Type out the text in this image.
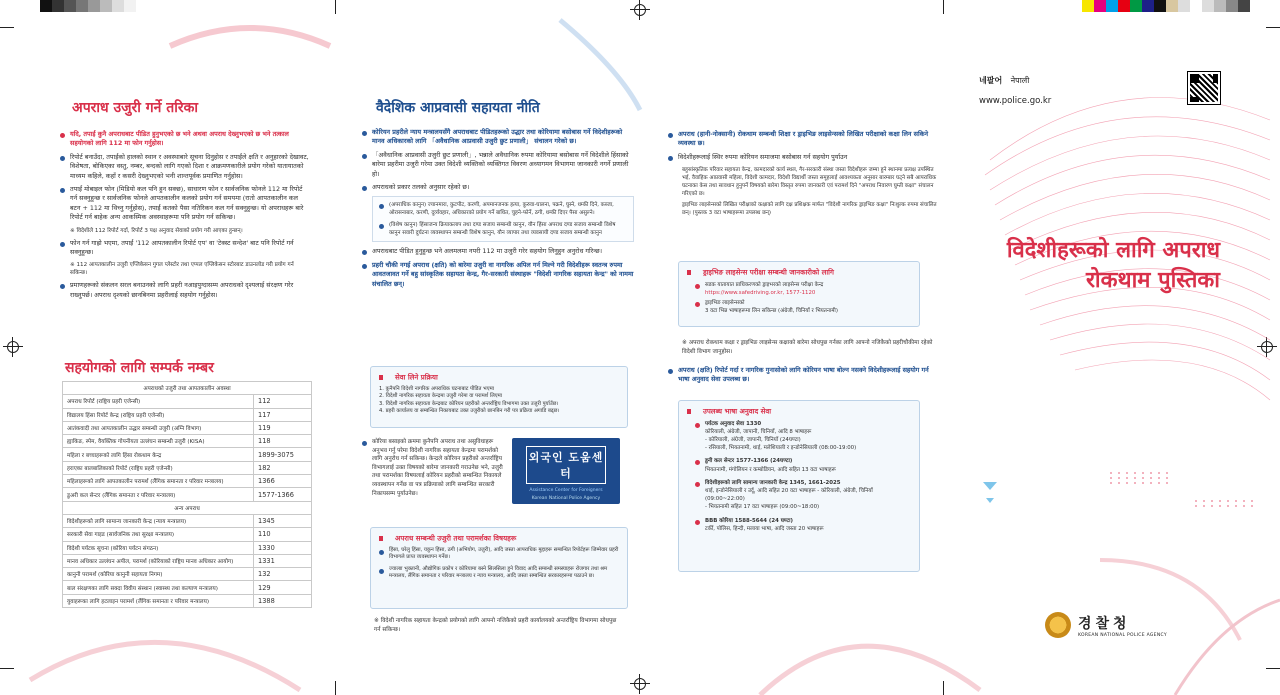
अपराध उजुरी गर्ने तरिका
यदि, तपाईं कुनै अपराधबाट पीडित हुनुभएको छ भने अथवा अपराध देख्नुभएको छ भने तत्काल सहयोगको लागि 112 मा फोन गर्नुहोस।
रिपोर्ट बनाउँदा, तपाईंको हालको स्थान र अवस्थाबारे सूचना दिनुहोस र तपाईंले क्षति र अनुहारको देखावट, विशेषता, बोकिएका वस्तु, नम्बर, बन्दको लागि गएको दिशा र आक्रमणकारीले प्रयोग गरेको यातायातको माध्यम कहिले, कहाँ र कसरी देख्नुभएको भनी शान्तपूर्वक प्रमाणित गर्नुहोस।
तपाईं मोबाइल फोन (मिडियो कल पनि हुन सक्छ), साधारण फोन र सार्वजनिक फोनले 112 मा रिपोर्ट गर्न सक्नुहुन्छ र सार्वजनिक फोनले आपतकालीन कलको प्रयोग गर्न समयमा (रातो आपतकालीन कल बटन + 112 मा थिच्नु गर्नुहोस), तपाईं कतको पैसा नतिरिकन कल गर्न सक्नुहुन्छ। यो अपराधहरू बारे रिपोर्ट गर्न बाहेक अन्य आकस्मिक अवस्थाहरूमा पनि प्रयोग गर्न सकिन्छ।
※ विदेशीले 112 रिपोर्ट गर्दा, रिपोर्ट 3 पक्ष अनुवाद सेवाको प्रयोग गरी आएका हुन्छन्।
फोन गर्न गाह्रो भएमा, तपाईं '112 आपतकालीन रिपोर्ट एप' वा 'टेक्स्ट सन्देश' बाट पनि रिपोर्ट गर्न सक्नुहुन्छ।
※ 112 आपतकालीन उजुरी एप्लिकेसन गुगल प्लेस्टोर तथा एप्पल एप्लिकेसन स्टोरबाट डाउनलोड गरी प्रयोग गर्न सकिन्छ।
प्रमाणहरूको संकलन सरल बनाउनको लागि प्रहरी नआइपुग्दासम्म अपराधको दृश्यलाई संरक्षण गरेर राख्नुपर्छ। अपराध दृश्यको छानबिनमा प्रहरीलाई सहयोग गर्नुहोस।
सहयोगको लागि सम्पर्क नम्बर
अपराधको उजुरी तथा आपतकालीन अवस्था	
अपराध रिपोर्ट (राष्ट्रिय प्रहरी एजेन्सी)	112
विद्यालय हिंसा रिपोर्ट केन्द्र (राष्ट्रिय प्रहरी एजेन्सी)	117
आतंकवादी तथा आपतकालीन उद्धार सम्बन्धी उजुरी (अग्नि विभाग)	119
ह्याकिङ, स्पेम, वैयक्तिक गोपनीयता उल्लंघन सम्बन्धी उजुरी (KISA)	118
महिला र बच्चाहरूको लागि हिंसा रोकथाम केन्द्र	1899-3075
हराएका बालबालिकाको रिपोर्ट (राष्ट्रिय प्रहरी एजेन्सी)	182
महिलाहरूको लागि आपतकालीन परामर्श (लैंगिक समानता र परिवार मन्त्रालय)	1366
डुअरी कल सेन्टर (लैंगिक समानता र परिवार मन्त्रालय)	1577-1366
अन्य अपराध	
विदेशीहरूको लागि सामान्य जानकारी केन्द्र (न्याय मन्त्रालय)	1345
सरकारी सेवा गाइड (सार्वजनिक तथा सुरक्षा मन्त्रालय)	110
विदेशी पर्यटक सूचना (कोरिया पर्यटन संगठन)	1330
मानव अधिकार उल्लंघन अपील, परामर्श (कोरियाको राष्ट्रिय मानव अधिकार आयोग)	1331
कानुनी परामर्श (कोरिया कानुनी सहायता निगम)	132
बाल संरक्षणका लागि सक्दा विवीय संस्थान (स्वास्थ्य तथा कल्याण मन्त्रालय)	129
युवाहरूका लागि हटलाइन परामर्श (लैंगिक समानता र परिवार मन्त्रालय)	1388
वैदेशिक आप्रवासी सहायता नीति
कोरियन प्रहरीले न्याय मन्त्रालयसँगै अपराधबाट पीडितहरूको उद्धार तथा कोरियामा बसोबास गर्ने विदेशीहरूको मानव अधिकारको लागि 「अवैधानिक आप्रवासी उजुरी छुट प्रणाली」 संचालन गरेको छ।
「अवैधानिक आप्रवासी उजुरी छुट प्रणाली」, भन्नाले अवैधानिक रुपमा कोरियामा बसोबास गर्ने विदेशीले हिंसाको बारेमा प्रहरीमा उजुरी गरेमा उक्त विदेशी व्यक्तिको व्यक्तिगत विवरण अध्यागमन विभागमा जानकारी नगर्ने प्रणाली हो।
अपराधको प्रकार तलको अनुसार रहेको छ।
(अपराधिक कानुन) ज्यानमारा, कुटपीट, करणी, अपमानजनक हत्या, कुरुवा-घालना, पक्रने, घुस्ने, धम्की दिने, कब्जा, ओरासनाबार, करणी, दुर्व्यवहार, अधिकारको प्रयोग गर्ने बाधित, चुहने-फोर्ने, ठगी, धम्की दिएर पैसा असुल्ने।
(विशेष कानुन) हिंसाजन्य क्रियाकलाप तथा दण्ड सजाय सम्बन्धी कानुन, यौन हिंसा अपराध दण्ड सजाय सम्बन्धी विशेष कानुन सवारी दुर्घटना व्यवस्थापन सम्बन्धी विशेष कानुन, यौन व्यापार तथा व्यवसायी दण्ड सजाय सम्बन्धी कानुन
अपराधबाट पीडित हुनुहुन्छ भने अलमलमा नपरी 112 मा उजुरी गरेर सहयोग लिनुहुन अनुरोध गरिन्छ।
प्रहरी चौकी नगई अपराध (क्षति) को बारेमा उजुरी वा नागरिक अपिल गर्न मिल्ने गरी विदेशीहरू स्वतन्त्र रुपमा आवतजावत गर्ने बहु सांस्कृतिक सहायता केन्द्र, गैर-सरकारी संस्थाहरू "विदेशी नागरिक सहायता केन्द्र" को नाममा संचालित छन्।
सेवा लिने प्रक्रिया
1. कुनैपनि विदेशी नागरिक अपराधिक घटनाबाट पीडित भएमा
2. विदेशी नागरिक सहायता केन्द्रमा उजुरी गरेमा वा परामर्श लिएमा
3. विदेशी नागरिक सहायता केन्द्रबाट कोरियन प्रहरीको अन्तर्राष्ट्रिय विभागमा उक्त उजुरी पुर्याउँछ।
4. प्रहरी कार्यालय वा सम्बन्धित निकायबाट उक्त उजुरीको छानबिन गरी पत्र प्रक्रिया अगाडि बढ्छ।
कोरिया बसाइको क्रममा कुनैपनि अपराध तथा असुविधाहरू अनुभव गर्नु परेमा विदेशी नागरिक सहायता केन्द्रमा परामर्शको लागि अनुरोध गर्न सकिन्छ। केन्द्रले कोरियन प्रहरीको अन्तर्राष्ट्रिय विभागलाई उक्त विषयको बारेमा जानकारी गराउनेछ भने, उजुरी तथा परामर्शका विषयलाई कोरियन प्रहरीको सम्बन्धित निकायले व्यवस्थापन गर्नेछ वा पत्र प्रक्रियाको लागि सम्बन्धित सरकारी निकायसम्म पुर्याउनेछ।
외국인 도움센터
Assistance Center for Foreigners
Korean National Police Agency
अपराध सम्बन्धी उजुरी तथा परामर्शका विषयहरू
हिंसा, घरेलु हिंसा, यकुन हिंसा, ठगी (अभियोग, उजुरी), आदि जस्ता आपराधिक मुद्दाहरू सम्बन्धित रिपोर्टहरू जिम्मेवार प्रहरी विभागले प्राप्त व्यवस्थापन गर्नेछ।
ज्यालाा भुक्तानी, औद्योगिक प्रकोप र कोरियामा बस्ने सिलसिला हुने विवाद आदि सम्बन्धी समस्याहरू रोजगार तथा श्रम मन्त्रालय, लैंगिक समानता र परिवार मन्त्रालय र न्याय मन्त्रालय, आदि जस्ता सम्बन्धित सरकारहरूमा पठाउने छ।
※ विदेशी नागरिक सहायता केन्द्रको प्रयोगको लागि आफ्नो नजिकैको प्रहरी कार्यालयको अन्तर्राष्ट्रिय विभागमा सोधपुछ गर्न सकिन्छ।
अपराध (हानी-नोक्सानी) रोकथाम सम्बन्धी शिक्षा र ड्राइभिङ लाइसेन्सको लिखित परीक्षाको कक्षा लिन सकिने व्यवस्था छ।
विदेशीहरूलाई स्थिर रुपमा कोरियन समाजमा बसोबास गर्न सहयोग पुर्याउन
बहुसांस्कृतिक परिवार सहायता केन्द्र, कामदारको कार्य स्थल, गैर-सरकारी संस्था जस्ता विदेशीहरू जम्मा हुने स्थानमा प्रत्यक्ष उपस्थित भई, वैवाहिक आप्रवासी महिला, विदेशी कामदार, विदेशी विद्यार्थी जस्ता समूहलाई आवश्यकता अनुसार बारम्बार घट्ने सबै आपराधिक घटनाका केस तथा सावधान हुनुपर्ने विषयको बारेमा विस्तृत रुपमा जानकारी एवं परामर्श दिने "अपराध निवारण घुम्ती कक्षा" संचालन गरिएको छ।
ड्राइभिङ लाइसेन्सको लिखित परीक्षाको कक्षाको लागि दक्ष प्रशिक्षक मार्फत "विदेशी नागरिक ड्राइभिङ कक्षा" निःशुल्क रुपमा संचालित छन्। (पुस्तक 3 वटा भाषाहरूमा उपलब्ध छन्)
ड्राइभिङ लाइसेन्स परीक्षा सम्बन्धी जानकारीको लागि
सडक यातायात प्राधिकरणको ड्राइभरको लाइसेन्स परीक्षा केन्द्र
https://www.safedriving.or.kr, 1577-1120
ड्राइभिङ लाइसेन्सको
3 वटा भिन्न भाषाहरूमा लिन सकिन्छ (अंग्रेजी, चिनियाँ र भियतनामी)
※ अपराध रोकथाम कक्षा र ड्राइभिङ लाइसेन्स कक्षाको बारेमा सोधपुछ गर्नका लागि आफ्नो नजिकैको प्रहरीचौकीमा रहेको विदेशी विभाग जानुहोस।
अपराध (क्षति) रिपोर्ट गर्दा र नागरिक गुनासोको लागि कोरियन भाषा बोल्न नसक्ने विदेशीहरूलाई सहयोग गर्न भाषा अनुवाद सेवा उपलब्ध छ।
उपलब्ध भाषा अनुवाद सेवा
पर्यटक अनुवाद सेवा 1330
कोरियाली, अंग्रेजी, जापानी, चिनियाँ, आदि 8 भाषाहरू
- कोरियाली, अंग्रेजी, जापानी, चिनियाँ (24घण्टा)
- रसियाली, भियतनामी, थाई, मलेशियाली र इन्डोनेसियाली (08:00-19:00)
डुनी कल सेन्टर 1577-1366 (24घण्टा)
भियतनामी, मंगोलियन र कम्बोडियन, आदि सहित 13 वटा भाषाहरू
विदेशीहरूको लागि सामान्य जानकारी केन्द्र 1345, 1661-2025
थाई, इन्डोनेसियाली र उर्दू, आदि सहित 20 वटा भाषाहरू - कोरियाली, अंग्रेजी, चिनियाँ (09:00~22:00)
- भियतनामी सहित 17 वटा भाषाहरू (09:00~18:00)
BBB कोरिया 1588-5644 (24 घण्टा)
टर्की, पोलिस, हिन्दी, मलाया भाषा, आदि जस्ता 20 भाषाहरू
네팔어 नेपाली
www.police.go.kr
विदेशीहरूको लागि अपराध
रोकथाम पुस्तिका
경찰청
KOREAN NATIONAL POLICE AGENCY
